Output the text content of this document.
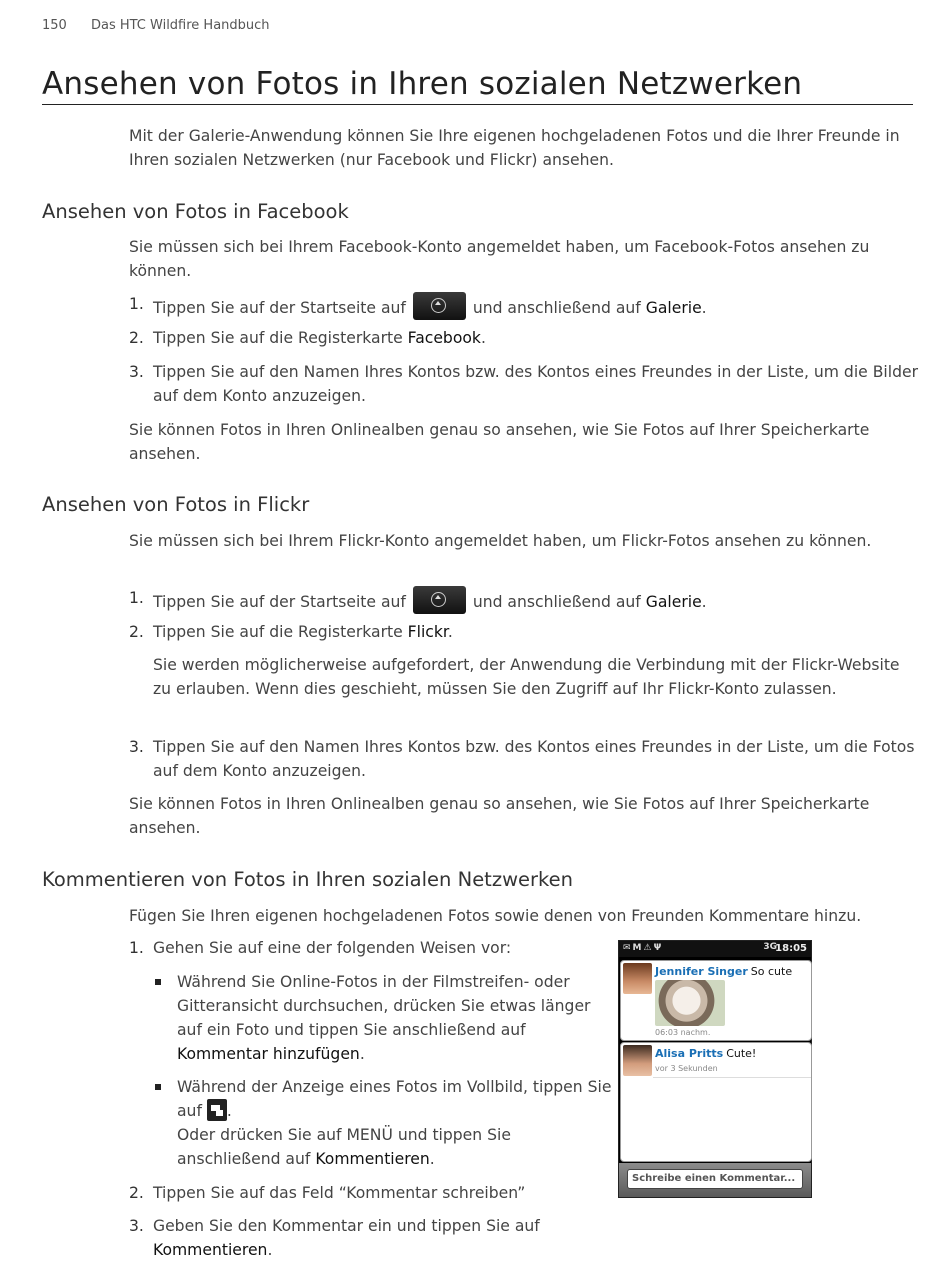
150 Das HTC Wildfire Handbuch
Ansehen von Fotos in Ihren sozialen Netzwerken
Mit der Galerie-Anwendung können Sie Ihre eigenen hochgeladenen Fotos und die Ihrer Freunde in Ihren sozialen Netzwerken (nur Facebook und Flickr) ansehen.
Ansehen von Fotos in Facebook
Sie müssen sich bei Ihrem Facebook-Konto angemeldet haben, um Facebook-Fotos ansehen zu können.
1. Tippen Sie auf der Startseite auf	und anschließend auf Galerie.
2. Tippen Sie auf die Registerkarte Facebook.
3. Tippen Sie auf den Namen Ihres Kontos bzw. des Kontos eines Freundes in der Liste, um die Bilder auf dem Konto anzuzeigen.
Sie können Fotos in Ihren Onlinealben genau so ansehen, wie Sie Fotos auf Ihrer Speicherkarte ansehen.
Ansehen von Fotos in Flickr
Sie müssen sich bei Ihrem Flickr-Konto angemeldet haben, um Flickr-Fotos ansehen zu können.
1. Tippen Sie auf der Startseite auf	und anschließend auf Galerie.
2. Tippen Sie auf die Registerkarte Flickr.
Sie werden möglicherweise aufgefordert, der Anwendung die Verbindung mit der Flickr-Website zu erlauben. Wenn dies geschieht, müssen Sie den Zugriff auf Ihr Flickr-Konto zulassen.
3. Tippen Sie auf den Namen Ihres Kontos bzw. des Kontos eines Freundes in der Liste, um die Fotos auf dem Konto anzuzeigen.
Sie können Fotos in Ihren Onlinealben genau so ansehen, wie Sie Fotos auf Ihrer Speicherkarte ansehen.
Kommentieren von Fotos in Ihren sozialen Netzwerken
Fügen Sie Ihren eigenen hochgeladenen Fotos sowie denen von Freunden Kommentare hinzu.
1. Gehen Sie auf eine der folgenden Weisen vor:
Während Sie Online-Fotos in der Filmstreifen- oder Gitteransicht durchsuchen, drücken Sie etwas länger auf ein Foto und tippen Sie anschließend auf Kommentar hinzufügen.
Während der Anzeige eines Fotos im Vollbild, tippen Sie auf .
Oder drücken Sie auf MENÜ und tippen Sie anschließend auf Kommentieren.
2. Tippen Sie auf das Feld “Kommentar schreiben”
3. Geben Sie den Kommentar ein und tippen Sie auf Kommentieren.
✉M⚠Ψ	3G
18:05
Jennifer Singer So cute
06:03 nachm.
Alisa Pritts Cute!
vor 3 Sekunden
Schreibe einen Kommentar...
